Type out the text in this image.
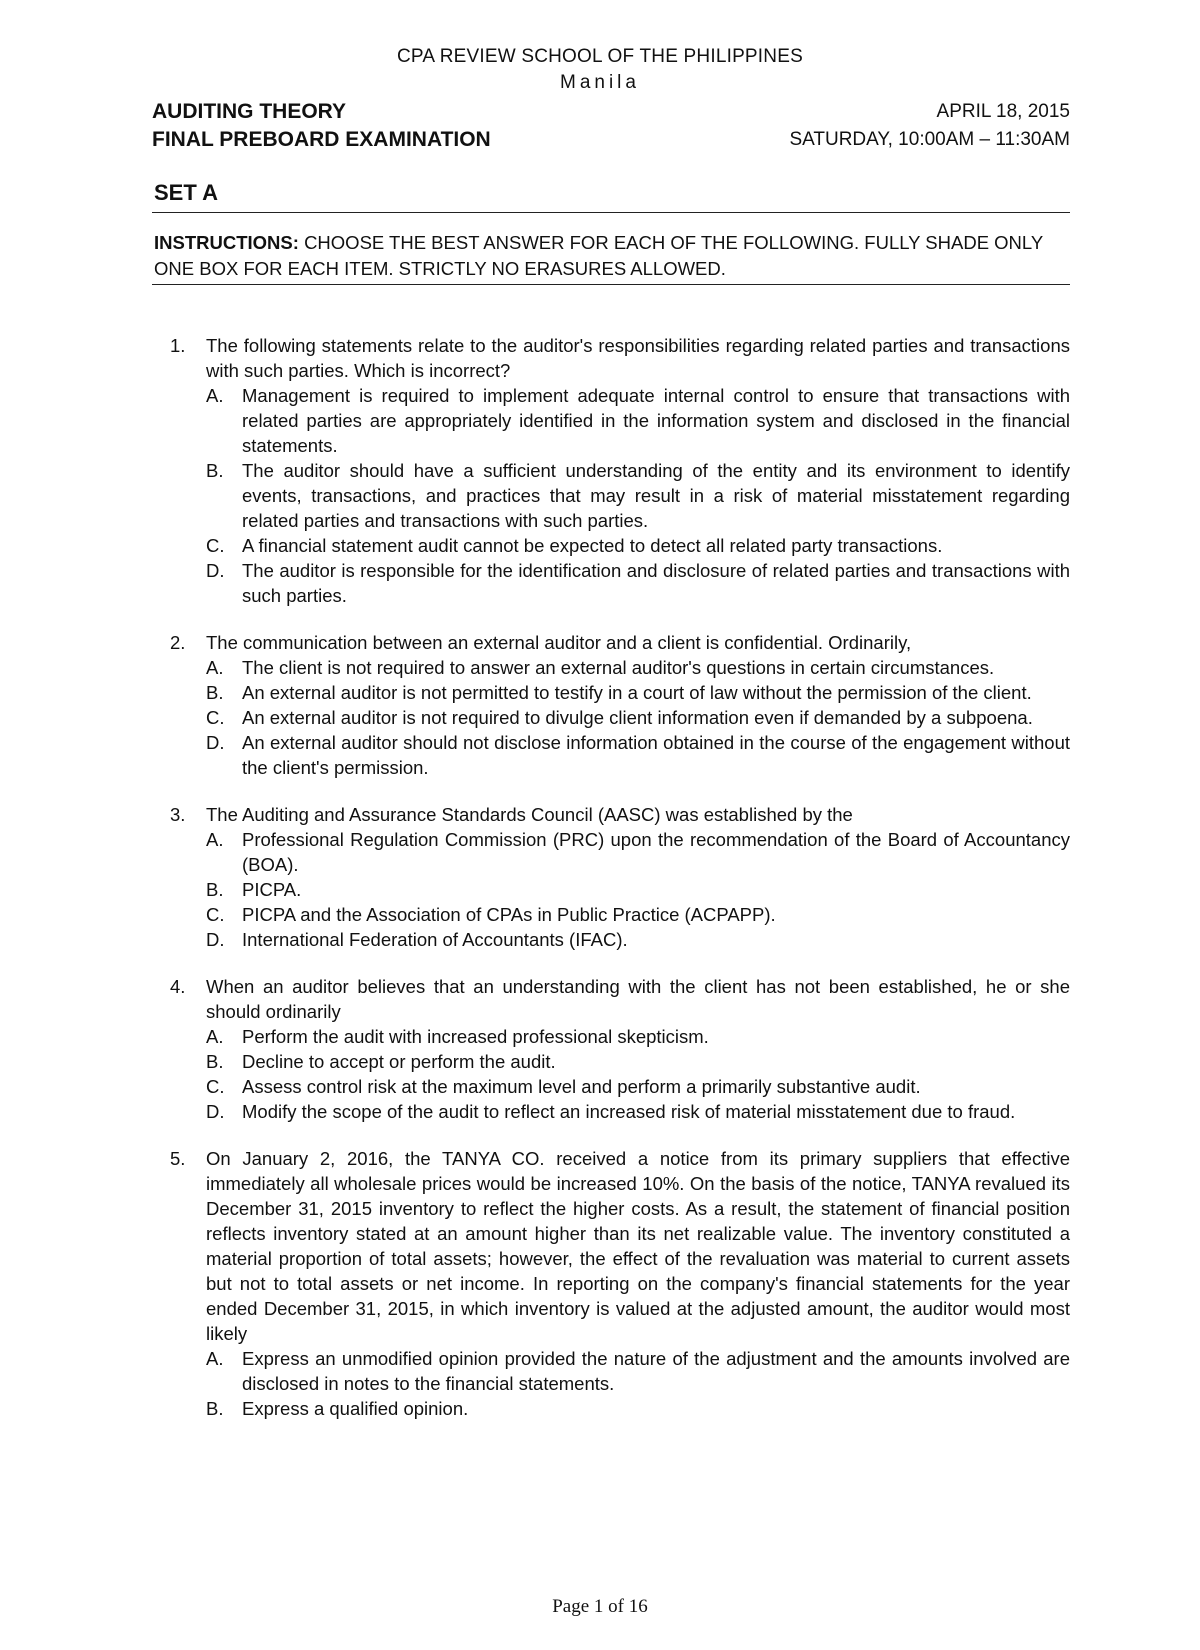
CPA REVIEW SCHOOL OF THE PHILIPPINES
Manila
AUDITING THEORY
FINAL PREBOARD EXAMINATION
APRIL 18, 2015
SATURDAY, 10:00AM – 11:30AM
SET A
INSTRUCTIONS: CHOOSE THE BEST ANSWER FOR EACH OF THE FOLLOWING. FULLY SHADE ONLY ONE BOX FOR EACH ITEM. STRICTLY NO ERASURES ALLOWED.
1. The following statements relate to the auditor's responsibilities regarding related parties and transactions with such parties. Which is incorrect?
A. Management is required to implement adequate internal control to ensure that transactions with related parties are appropriately identified in the information system and disclosed in the financial statements.
B. The auditor should have a sufficient understanding of the entity and its environment to identify events, transactions, and practices that may result in a risk of material misstatement regarding related parties and transactions with such parties.
C. A financial statement audit cannot be expected to detect all related party transactions.
D. The auditor is responsible for the identification and disclosure of related parties and transactions with such parties.
2. The communication between an external auditor and a client is confidential. Ordinarily,
A. The client is not required to answer an external auditor's questions in certain circumstances.
B. An external auditor is not permitted to testify in a court of law without the permission of the client.
C. An external auditor is not required to divulge client information even if demanded by a subpoena.
D. An external auditor should not disclose information obtained in the course of the engagement without the client's permission.
3. The Auditing and Assurance Standards Council (AASC) was established by the
A. Professional Regulation Commission (PRC) upon the recommendation of the Board of Accountancy (BOA).
B. PICPA.
C. PICPA and the Association of CPAs in Public Practice (ACPAPP).
D. International Federation of Accountants (IFAC).
4. When an auditor believes that an understanding with the client has not been established, he or she should ordinarily
A. Perform the audit with increased professional skepticism.
B. Decline to accept or perform the audit.
C. Assess control risk at the maximum level and perform a primarily substantive audit.
D. Modify the scope of the audit to reflect an increased risk of material misstatement due to fraud.
5. On January 2, 2016, the TANYA CO. received a notice from its primary suppliers that effective immediately all wholesale prices would be increased 10%. On the basis of the notice, TANYA revalued its December 31, 2015 inventory to reflect the higher costs. As a result, the statement of financial position reflects inventory stated at an amount higher than its net realizable value. The inventory constituted a material proportion of total assets; however, the effect of the revaluation was material to current assets but not to total assets or net income. In reporting on the company's financial statements for the year ended December 31, 2015, in which inventory is valued at the adjusted amount, the auditor would most likely
A. Express an unmodified opinion provided the nature of the adjustment and the amounts involved are disclosed in notes to the financial statements.
B. Express a qualified opinion.
Page 1 of 16
